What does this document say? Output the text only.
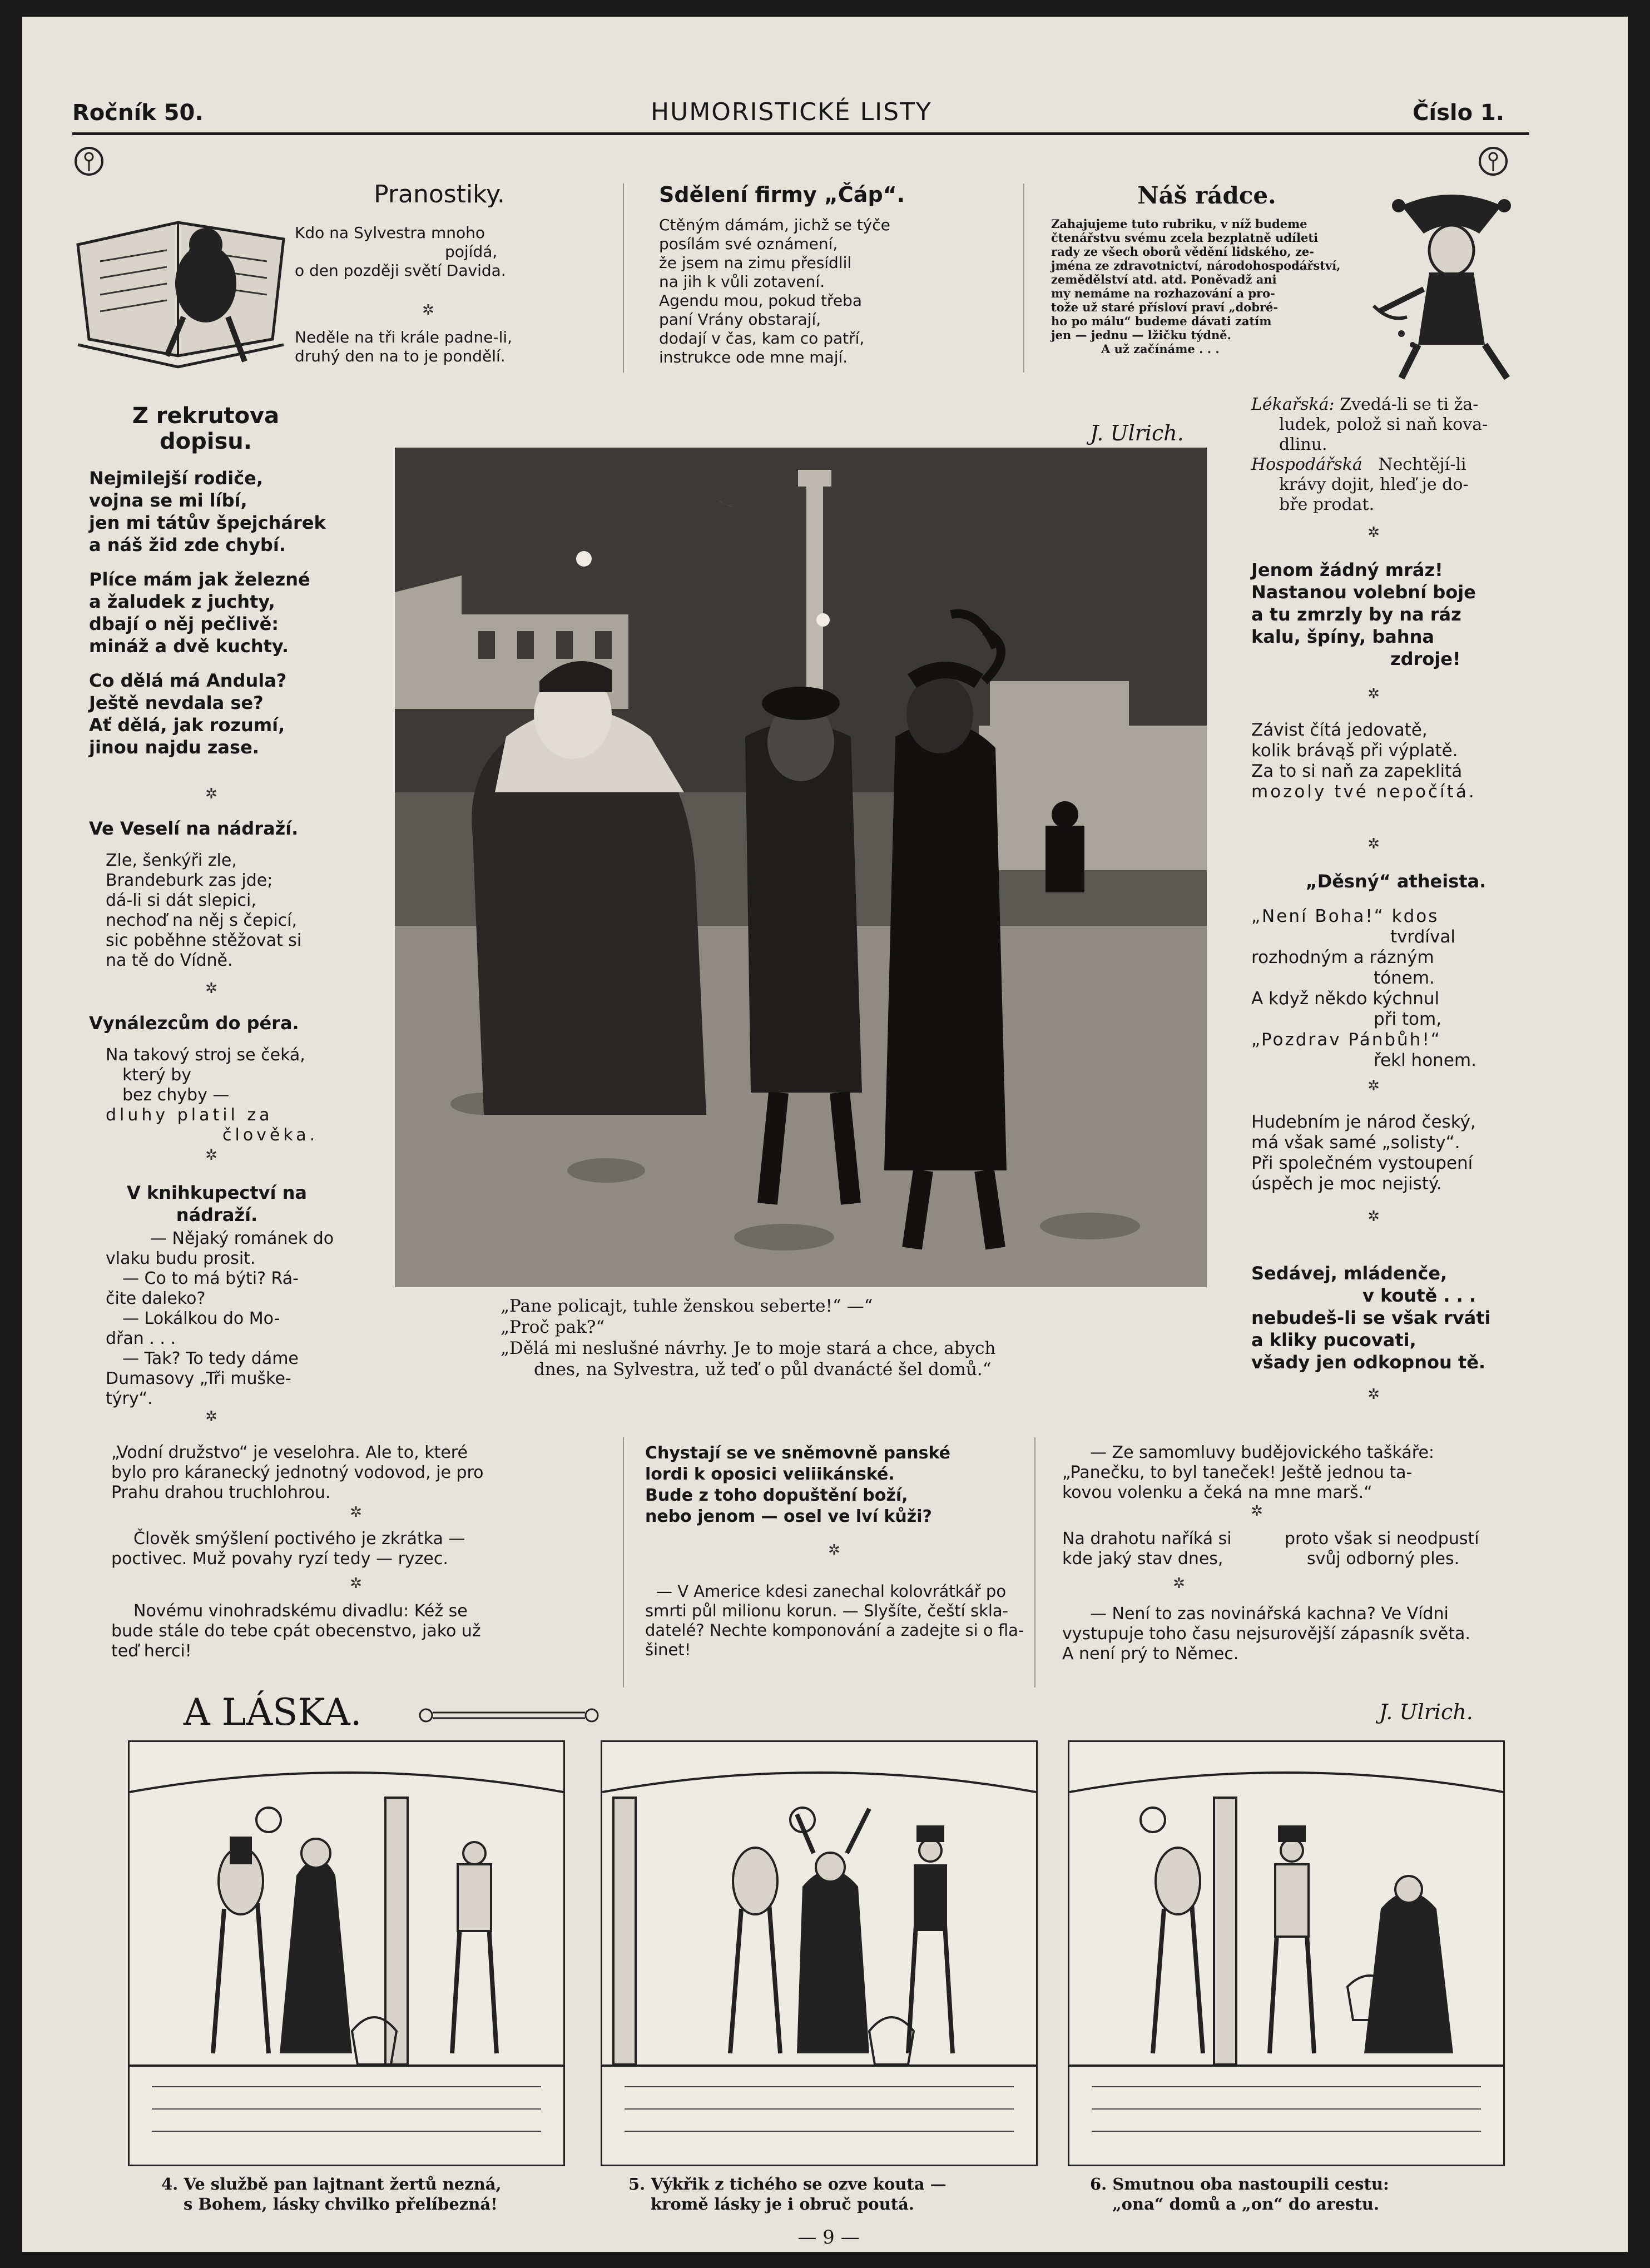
Ročník 50.	HUMORISTICKÉ LISTY	Číslo 1.
Pranostiky.
Kdo na Sylvestra mnoho
pojídá,
o den později světí Davida.
✲
Neděle na tři krále padne-li,
druhý den na to je pondělí.
Sdělení firmy „Čáp“.
Ctěným dámám, jichž se týče
posílám své oznámení,
že jsem na zimu přesídlil
na jih k vůli zotavení.
Agendu mou, pokud třeba
paní Vrány obstarají,
dodají v čas, kam co patří,
instrukce ode mne mají.
Náš rádce.
Zahajujeme tuto rubriku, v níž budeme
čtenářstvu svému zcela bezplatně udíleti
rady ze všech oborů vědění lidského, ze-
jména ze zdravotnictví, národohospodářství,
zemědělství atd. atd. Poněvadž ani
my nemáme na rozhazování a pro-
tože už staré přísloví praví „dobré-
ho po málu“ budeme dávati zatím
jen — jednu — lžičku týdně.
A už začínáme . . .
Z rekrutova
dopisu.
Nejmilejší rodiče,
vojna se mi líbí,
jen mi tátův špejchárek
a náš žid zde chybí.
Plíce mám jak železné
a žaludek z juchty,
dbají o něj pečlivě:
mináž a dvě kuchty.
Co dělá má Andula?
Ještě nevdala se?
Ať dělá, jak rozumí,
jinou najdu zase.
✲
Ve Veselí na nádraží.
Zle, šenkýři zle,
Brandeburk zas jde;
dá-li si dát slepici,
nechoď na něj s čepicí,
sic poběhne stěžovat si
na tě do Vídně.
✲
Vynálezcům do péra.
Na takový stroj se čeká,
který by
bez chyby —
dluhy platil za
člověka.
✲
V knihkupectví na
nádraží.
— Nějaký románek do
vlaku budu prosit.
— Co to má býti? Rá-
čite daleko?
— Lokálkou do Mo-
dřan . . .
— Tak? To tedy dáme
Dumasovy „Tři muške-
týry“.
✲
J. Ulrich.
Lékařská: Zvedá-li se ti ža-
ludek, polož si naň kova-
dlinu.
Hospodářská Nechtějí-li
krávy dojit, hleď je do-
bře prodat.
✲
Jenom žádný mráz!
Nastanou volební boje
a tu zmrzly by na ráz
kalu, špíny, bahna
zdroje!
✲
Závist čítá jedovatě,
kolik brávąš při výplatě.
Za to si naň za zapeklitá
mozoly tvé nepočítá.
✲
„Děsný“ atheista.
„Není Boha!“ kdos
tvrdíval
rozhodným a rázným
tónem.
A když někdo kýchnul
při tom,
„Pozdrav Pánbůh!“
řekl honem.
✲
Hudebním je národ český,
má však samé „solisty“.
Při společném vystoupení
úspěch je moc nejistý.
✲
Sedávej, mládenče,
v koutě . . .
nebudeš-li se však rváti
a kliky pucovati,
všady jen odkopnou tě.
✲
„Pane policajt, tuhle ženskou seberte!“ —“
„Proč pak?“
„Dělá mi neslušné návrhy. Je to moje stará a chce, abych
dnes, na Sylvestra, už teď o půl dvanácté šel domů.“
„Vodní družstvo“ je veselohra. Ale to, které
bylo pro káranecký jednotný vodovod, je pro
Prahu drahou truchlohrou.
✲
Člověk smýšlení poctivého je zkrátka —
poctivec. Muž povahy ryzí tedy — ryzec.
✲
Novému vinohradskému divadlu: Kéž se
bude stále do tebe cpát obecenstvo, jako už
teď herci!
Chystají se ve sněmovně panské
lordi k oposici veliikánské.
Bude z toho dopuštění boží,
nebo jenom — osel ve lví kůži?
✲
— V Americe kdesi zanechal kolovrátkář po
smrti půl milionu korun. — Slyšíte, čeští skla-
datelé? Nechte komponování a zadejte si o fla-
šinet!
— Ze samomluvy budějovického taškáře:
„Panečku, to byl taneček! Ještě jednou ta-
kovou volenku a čeká na mne marš.“
✲
Na drahotu naříká si
kde jaký stav dnes,
proto však si neodpustí
svůj odborný ples.
✲
— Není to zas novinářská kachna? Ve Vídni
vystupuje toho času nejsurovější zápasník světa.
A není prý to Němec.
A LÁSKA.	J. Ulrich.
4. Ve službě pan lajtnant žertů nezná,
s Bohem, lásky chvilko přelíbezná!
5. Výkřik z tichého se ozve kouta —
kromě lásky je i obruč poutá.
6. Smutnou oba nastoupili cestu:
„ona“ domů a „on“ do arestu.
— 9 —
